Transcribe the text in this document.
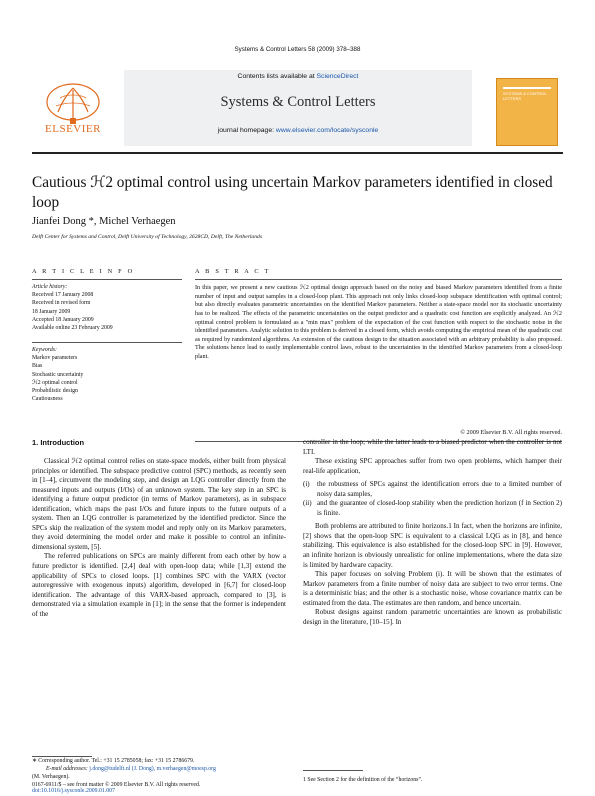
Systems & Control Letters 58 (2009) 378–388
Contents lists available at ScienceDirect
Systems & Control Letters
journal homepage: www.elsevier.com/locate/sysconle
ELSEVIER
SYSTEMS & CONTROL LETTERS
Cautious ℋ2 optimal control using uncertain Markov parameters identified in closed loop
Jianfei Dong *, Michel Verhaegen
Delft Center for Systems and Control, Delft University of Technology, 2628CD, Delft, The Netherlands
A R T I C L E I N F O
Article history:
Received 17 January 2008
Received in revised form
18 January 2009
Accepted 18 January 2009
Available online 23 February 2009
Keywords:
Markov parameters
Bias
Stochastic uncertainty
ℋ2 optimal control
Probabilistic design
Cautiousness
A B S T R A C T
In this paper, we present a new cautious ℋ2 optimal design approach based on the noisy and biased Markov parameters identified from a finite number of input and output samples in a closed-loop plant. This approach not only links closed-loop subspace identification with optimal control; but also directly evaluates parametric uncertainties on the identified Markov parameters. Neither a state-space model nor its stochastic uncertainty has to be realized. The effects of the parametric uncertainties on the output predictor and a quadratic cost function are explicitly analyzed. An ℋ2 optimal control problem is formulated as a "min max" problem of the expectation of the cost function with respect to the stochastic noise in the identified parameters. Analytic solution to this problem is derived in a closed form, which avoids computing the empirical mean of the quadratic cost as required by randomized algorithms. An extension of the cautious design to the situation associated with an arbitrary probability is also proposed. The solutions hence lead to easily implementable control laws, robust to the uncertainties in the identified Markov parameters from a closed-loop plant.
© 2009 Elsevier B.V. All rights reserved.
1. Introduction

Classical ℋ2 optimal control relies on state-space models, either built from physical principles or identified. The subspace predictive control (SPC) methods, as recently seen in [1–4], circumvent the modeling step, and design an LQG controller directly from the measured inputs and outputs (I/Os) of an unknown system. The key step in an SPC is identifying a future output predictor (in terms of Markov parameters), as in subspace identification, which maps the past I/Os and future inputs to the future outputs of a system. Then an LQG controller is parameterized by the identified predictor. Since the SPCs skip the realization of the system model and reply only on its Markov parameters, they avoid determining the model order and make it possible to control an infinite-dimensional system, [5].

The referred publications on SPCs are mainly different from each other by how a future predictor is identified. [2,4] deal with open-loop data; while [1,3] extend the applicability of SPCs to closed loops. [1] combines SPC with the VARX (vector autoregressive with exogenous inputs) algorithm, developed in [6,7] for closed-loop identification. The advantage of this VARX-based approach, compared to [3], is demonstrated via a simulation example in [1]; in the sense that the former is independent of the

controller in the loop; while the latter leads to a biased predictor when the controller is not LTI.

These existing SPC approaches suffer from two open problems, which hamper their real-life application,

(i) the robustness of SPCs against the identification errors due to a limited number of noisy data samples,
(ii) and the guarantee of closed-loop stability when the prediction horizon (f in Section 2) is finite.

Both problems are attributed to finite horizons.1 In fact, when the horizons are infinite, [2] shows that the open-loop SPC is equivalent to a classical LQG as in [8], and hence stabilizing. This equivalence is also established for the closed-loop SPC in [9]. However, an infinite horizon is obviously unrealistic for online implementations, where the data size is limited by hardware capacity.

This paper focuses on solving Problem (i). It will be shown that the estimates of Markov parameters from a finite number of noisy data are subject to two error terms. One is a deterministic bias; and the other is a stochastic noise, whose covariance matrix can be estimated from the data. The estimates are then random, and hence uncertain.

Robust designs against random parametric uncertainties are known as probabilistic design in the literature, [10–15]. In

∗ Corresponding author. Tel.: +31 15 2785058; fax: +31 15 2786679.
E-mail addresses: j.dong@tudelft.nl (J. Dong), m.verhaegen@moesp.org
(M. Verhaegen).
1 See Section 2 for the definition of the “horizons”.
0167-6911/$ – see front matter © 2009 Elsevier B.V. All rights reserved.
doi:10.1016/j.sysconle.2009.01.007
